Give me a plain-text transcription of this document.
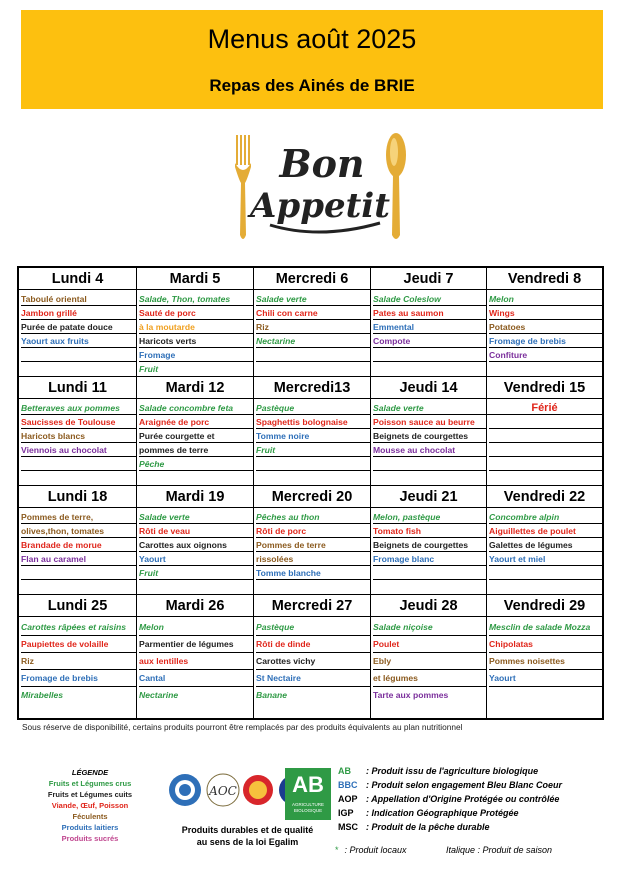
Menus août 2025
Repas des Ainés de BRIE
Bon
Appetit
Lundi 4
Taboulé oriental
Jambon grillé
Purée de patate douce
Yaourt aux fruits
Mardi 5
Salade, Thon, tomates
Sauté de porc
à la moutarde
Haricots verts
Fromage
Fruit
Mercredi 6
Salade verte
Chili con carne
Riz
Nectarine
Jeudi 7
Salade Coleslow
Pates au saumon
Emmental
Compote
Vendredi 8
Melon
Wings
Potatoes
Fromage de brebis
Confiture
Lundi 11
Betteraves aux pommes
Saucisses de Toulouse
Haricots blancs
Viennois au chocolat
Mardi 12
Salade concombre feta
Araignée de porc
Purée courgette et
pommes de terre
Pêche
Mercredi13
Pastèque
Spaghettis bolognaise
Tomme noire
Fruit
Jeudi 14
Salade verte
Poisson sauce au beurre
Beignets de courgettes
Mousse au chocolat
Vendredi 15
Férié
Lundi 18
Pommes de terre,
olives,thon, tomates
Brandade de morue
Flan au caramel
Mardi 19
Salade verte
Rôti de veau
Carottes aux oignons
Yaourt
Fruit
Mercredi 20
Pêches au thon
Rôti de porc
Pommes de terre
rissolées
Tomme blanche
Jeudi 21
Melon, pastèque
Tomato fish
Beignets de courgettes
Fromage blanc
Vendredi 22
Concombre alpin
Aiguillettes de poulet
Galettes de légumes
Yaourt et miel
Lundi 25
Carottes râpées et raisins
Paupiettes de volaille
Riz
Fromage de brebis
Mirabelles
Mardi 26
Melon
Parmentier de légumes
aux lentilles
Cantal
Nectarine
Mercredi 27
Pastèque
Rôti de dinde
Carottes vichy
St Nectaire
Banane
Jeudi 28
Salade niçoise
Poulet
Ebly
et légumes
Tarte aux pommes
Vendredi 29
Mesclin de salade Mozza
Chipolatas
Pommes noisettes
Yaourt
Sous réserve de disponibilité, certains produits pourront être remplacés par des produits équivalents au plan nutritionnel
LÉGENDE
Fruits et Légumes crus
Fruits et Légumes cuits
Viande, Œuf, Poisson
Féculents
Produits laitiers
Produits sucrés
AOC	AB
AGRICULTURE BIOLOGIQUE
Produits durables et de qualité
au sens de la loi Egalim
AB : Produit issu de l'agriculture biologique
BBC : Produit selon engagement Bleu Blanc Coeur
AOP : Appellation d'Origine Protégée ou contrôlée
IGP : Indication Géographique Protégée
MSC : Produit de la pêche durable
* : Produit locaux	Italique : Produit de saison
